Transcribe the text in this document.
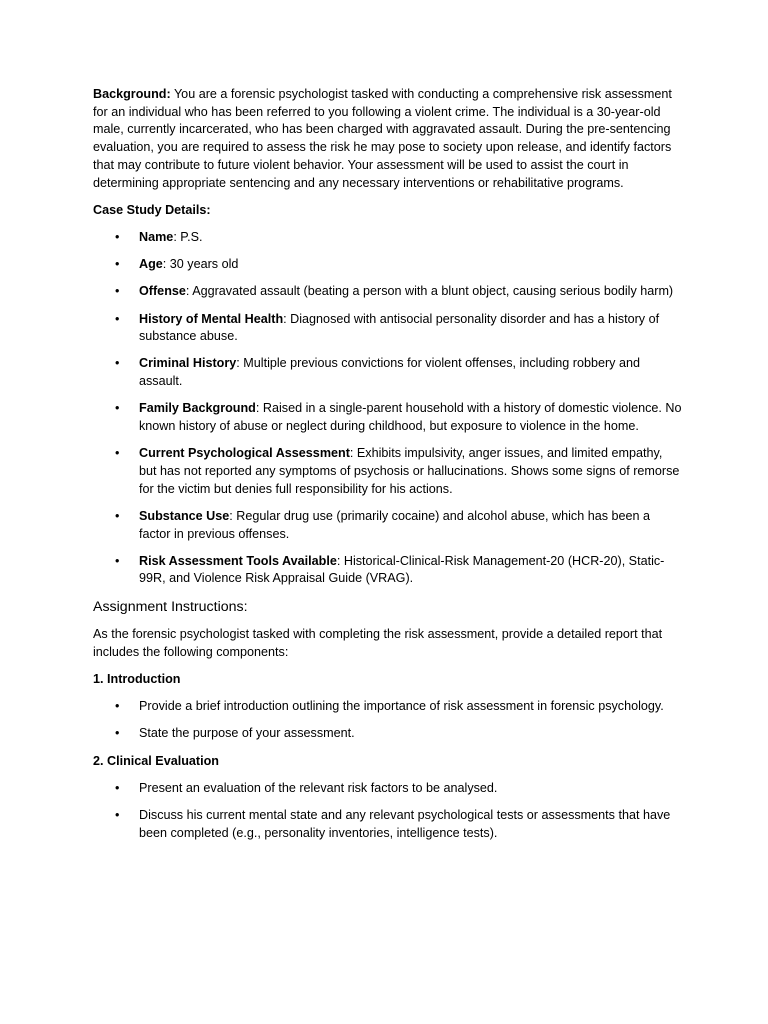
Background: You are a forensic psychologist tasked with conducting a comprehensive risk assessment for an individual who has been referred to you following a violent crime. The individual is a 30-year-old male, currently incarcerated, who has been charged with aggravated assault. During the pre-sentencing evaluation, you are required to assess the risk he may pose to society upon release, and identify factors that may contribute to future violent behavior. Your assessment will be used to assist the court in determining appropriate sentencing and any necessary interventions or rehabilitative programs.

Case Study Details:

• Name: P.S.
• Age: 30 years old
• Offense: Aggravated assault (beating a person with a blunt object, causing serious bodily harm)
• History of Mental Health: Diagnosed with antisocial personality disorder and has a history of substance abuse.
• Criminal History: Multiple previous convictions for violent offenses, including robbery and assault.
• Family Background: Raised in a single-parent household with a history of domestic violence. No known history of abuse or neglect during childhood, but exposure to violence in the home.
• Current Psychological Assessment: Exhibits impulsivity, anger issues, and limited empathy, but has not reported any symptoms of psychosis or hallucinations. Shows some signs of remorse for the victim but denies full responsibility for his actions.
• Substance Use: Regular drug use (primarily cocaine) and alcohol abuse, which has been a factor in previous offenses.
• Risk Assessment Tools Available: Historical-Clinical-Risk Management-20 (HCR-20), Static-99R, and Violence Risk Appraisal Guide (VRAG).

Assignment Instructions:

As the forensic psychologist tasked with completing the risk assessment, provide a detailed report that includes the following components:

1. Introduction

• Provide a brief introduction outlining the importance of risk assessment in forensic psychology.
• State the purpose of your assessment.

2. Clinical Evaluation

• Present an evaluation of the relevant risk factors to be analysed.
• Discuss his current mental state and any relevant psychological tests or assessments that have been completed (e.g., personality inventories, intelligence tests).
